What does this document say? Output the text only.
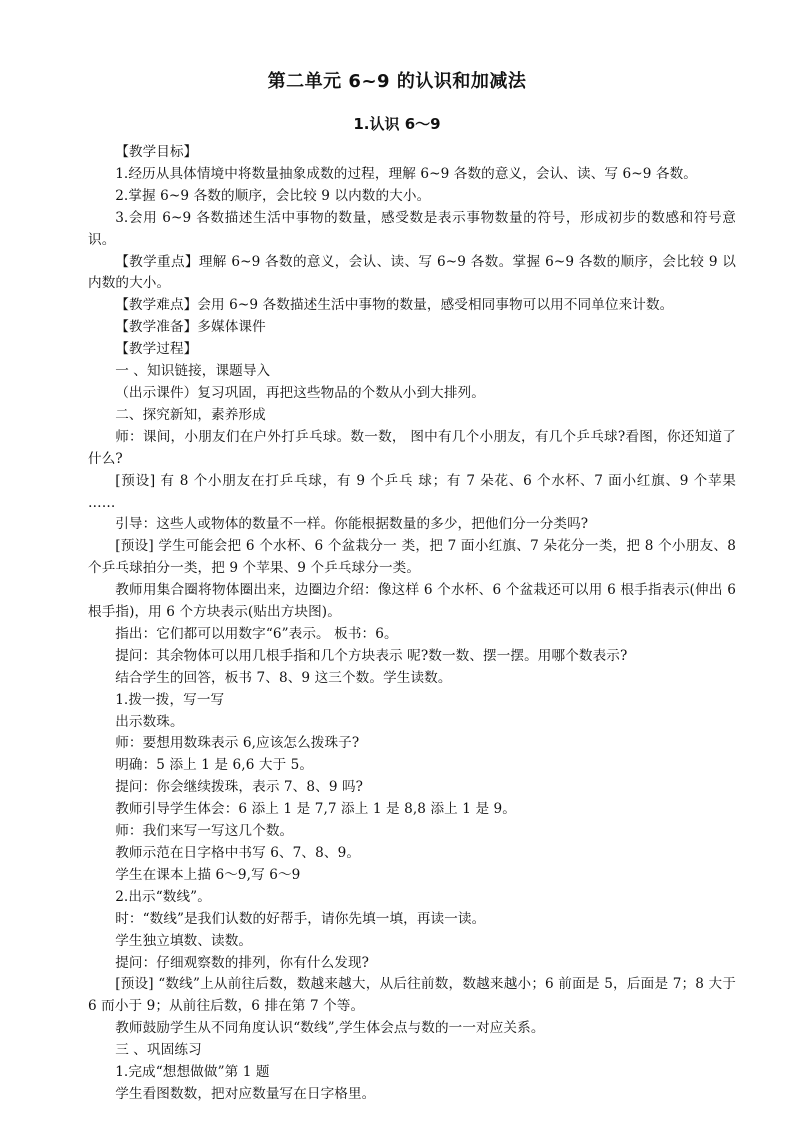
第二单元 6~9 的认识和加减法
1.认识 6～9

【教学目标】

1.经历从具体情境中将数量抽象成数的过程，理解 6~9 各数的意义，会认、读、写 6~9 各数。

2.掌握 6~9 各数的顺序，会比较 9 以内数的大小。

3.会用 6~9 各数描述生活中事物的数量，感受数是表示事物数量的符号，形成初步的数感和符号意识。

【教学重点】理解 6~9 各数的意义，会认、读、写 6~9 各数。掌握 6~9 各数的顺序，会比较 9 以内数的大小。

【教学难点】会用 6~9 各数描述生活中事物的数量，感受相同事物可以用不同单位来计数。

【教学准备】多媒体课件

【教学过程】

一 、知识链接，课题导入

（出示课件）复习巩固，再把这些物品的个数从小到大排列。

二、探究新知，素养形成

师：课间，小朋友们在户外打乒乓球。数一数， 图中有几个小朋友，有几个乒乓球?看图，你还知道了什么?

[预设] 有 8 个小朋友在打乒乓球，有 9 个乒乓 球；有 7 朵花、6 个水杯、7 面小红旗、9 个苹果 ……

引导：这些人或物体的数量不一样。你能根据数量的多少，把他们分一分类吗?

[预设] 学生可能会把 6 个水杯、6 个盆栽分一 类，把 7 面小红旗、7 朵花分一类，把 8 个小朋友、8 个乒乓球拍分一类，把 9 个苹果、9 个乒乓球分一类。

教师用集合圈将物体圈出来，边圈边介绍：像这样 6 个水杯、6 个盆栽还可以用 6 根手指表示(伸出 6 根手指)，用 6 个方块表示(贴出方块图)。

指出：它们都可以用数字“6”表示。 板书：6。

提问：其余物体可以用几根手指和几个方块表示 呢?数一数、摆一摆。用哪个数表示?

结合学生的回答，板书 7、8、9 这三个数。学生读数。

1.拨一拨，写一写

出示数珠。

师：要想用数珠表示 6,应该怎么拨珠子?

明确：5 添上 1 是 6,6 大于 5。

提问：你会继续拨珠，表示 7、8、9 吗?

教师引导学生体会：6 添上 1 是 7,7 添上 1 是 8,8 添上 1 是 9。

师：我们来写一写这几个数。

教师示范在日字格中书写 6、7、8、9。

学生在课本上描 6～9,写 6～9

2.出示“数线”。

时：“数线”是我们认数的好帮手，请你先填一填，再读一读。

学生独立填数、读数。

提问：仔细观察数的排列，你有什么发现?

[预设] “数线”上从前往后数，数越来越大，从后往前数，数越来越小；6 前面是 5，后面是 7；8 大于 6 而小于 9；从前往后数，6 排在第 7 个等。

教师鼓励学生从不同角度认识“数线”,学生体会点与数的一一对应关系。

三 、巩固练习

1.完成“想想做做”第 1 题

学生看图数数，把对应数量写在日字格里。
